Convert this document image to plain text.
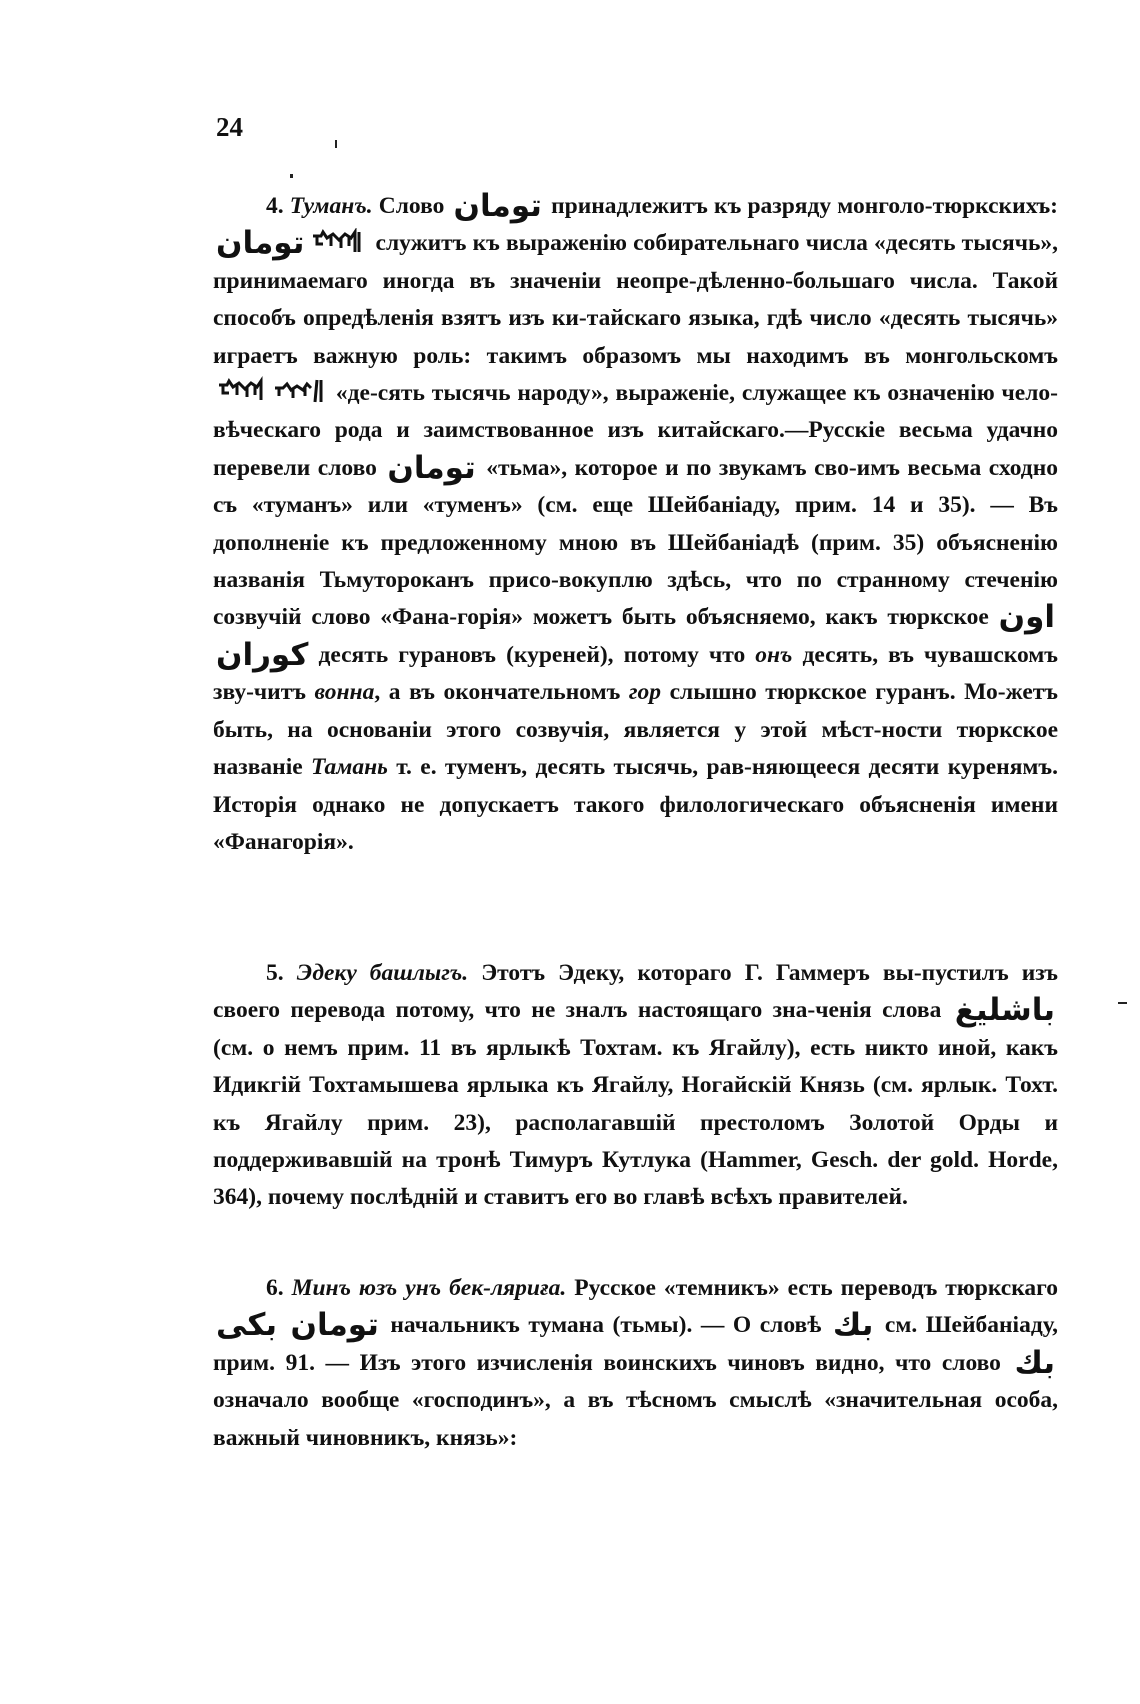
24

4. Туманъ. Слово تومان принадлежитъ къ разряду монголо-тюркскихъ: تومان	служитъ къ выраженію собирательнаго числа «десять тысячь», принимаемаго иногда въ значеніи неопре-дѣленно-большаго числа. Такой способъ опредѣленія взятъ изъ ки-тайскаго языка, гдѣ число «десять тысячь» играетъ важную роль: такимъ образомъ мы находимъ въ монгольскомъ
«де-сять тысячь народу», выраженіе, служащее къ означенію чело-вѣческаго рода и заимствованное изъ китайскаго.—Русскіе весьма удачно перевели слово تومان «тьма», которое и по звукамъ сво-имъ весьма сходно съ «туманъ» или «туменъ» (см. еще Шейбаніаду, прим. 14 и 35). — Въ дополненіе къ предложенному мною въ Шейбаніадѣ (прим. 35) объясненію названія Тьмутороканъ присо-вокуплю здѣсь, что по странному стеченію созвучій слово «Фана-горія» можетъ быть объясняемо, какъ тюркское اون کوران десять гурановъ (куреней), потому что онъ десять, въ чувашскомъ зву-читъ вонна, а въ окончательномъ гор слышно тюркское гуранъ. Мо-жетъ быть, на основаніи этого созвучія, является у этой мѣст-ности тюркское названіе Тамань т. е. туменъ, десять тысячь, рав-няющееся десяти куренямъ. Исторія однако не допускаетъ такого филологическаго объясненія имени «Фанагорія».

5. Эдеку башлыгъ. Этотъ Эдеку, котораго Г. Гаммеръ вы-пустилъ изъ своего перевода потому, что не зналъ настоящаго зна-ченія слова باشليغ (см. о немъ прим. 11 въ ярлыкѣ Тохтам. къ Ягайлу), есть никто иной, какъ Идикгій Тохтамышева ярлыка къ Ягайлу, Ногайскій Князь (см. ярлык. Тохт. къ Ягайлу прим. 23), располагавшій престоломъ Золотой Орды и поддерживавшій на тронѣ Тимуръ Кутлука (Hammer, Gesch. der gold. Horde, 364), почему послѣдній и ставитъ его во главѣ всѣхъ правителей.

6. Минъ юзъ унъ бек-ляриға. Русское «темникъ» есть переводъ тюркскаго تومان بکی начальникъ тумана (тьмы). — О словѣ بك см. Шейбаніаду, прим. 91. — Изъ этого изчисленія воинскихъ чиновъ видно, что слово بك означало вообще «господинъ», а въ тѣсномъ смыслѣ «значительная особа, важный чиновникъ, князь»:
